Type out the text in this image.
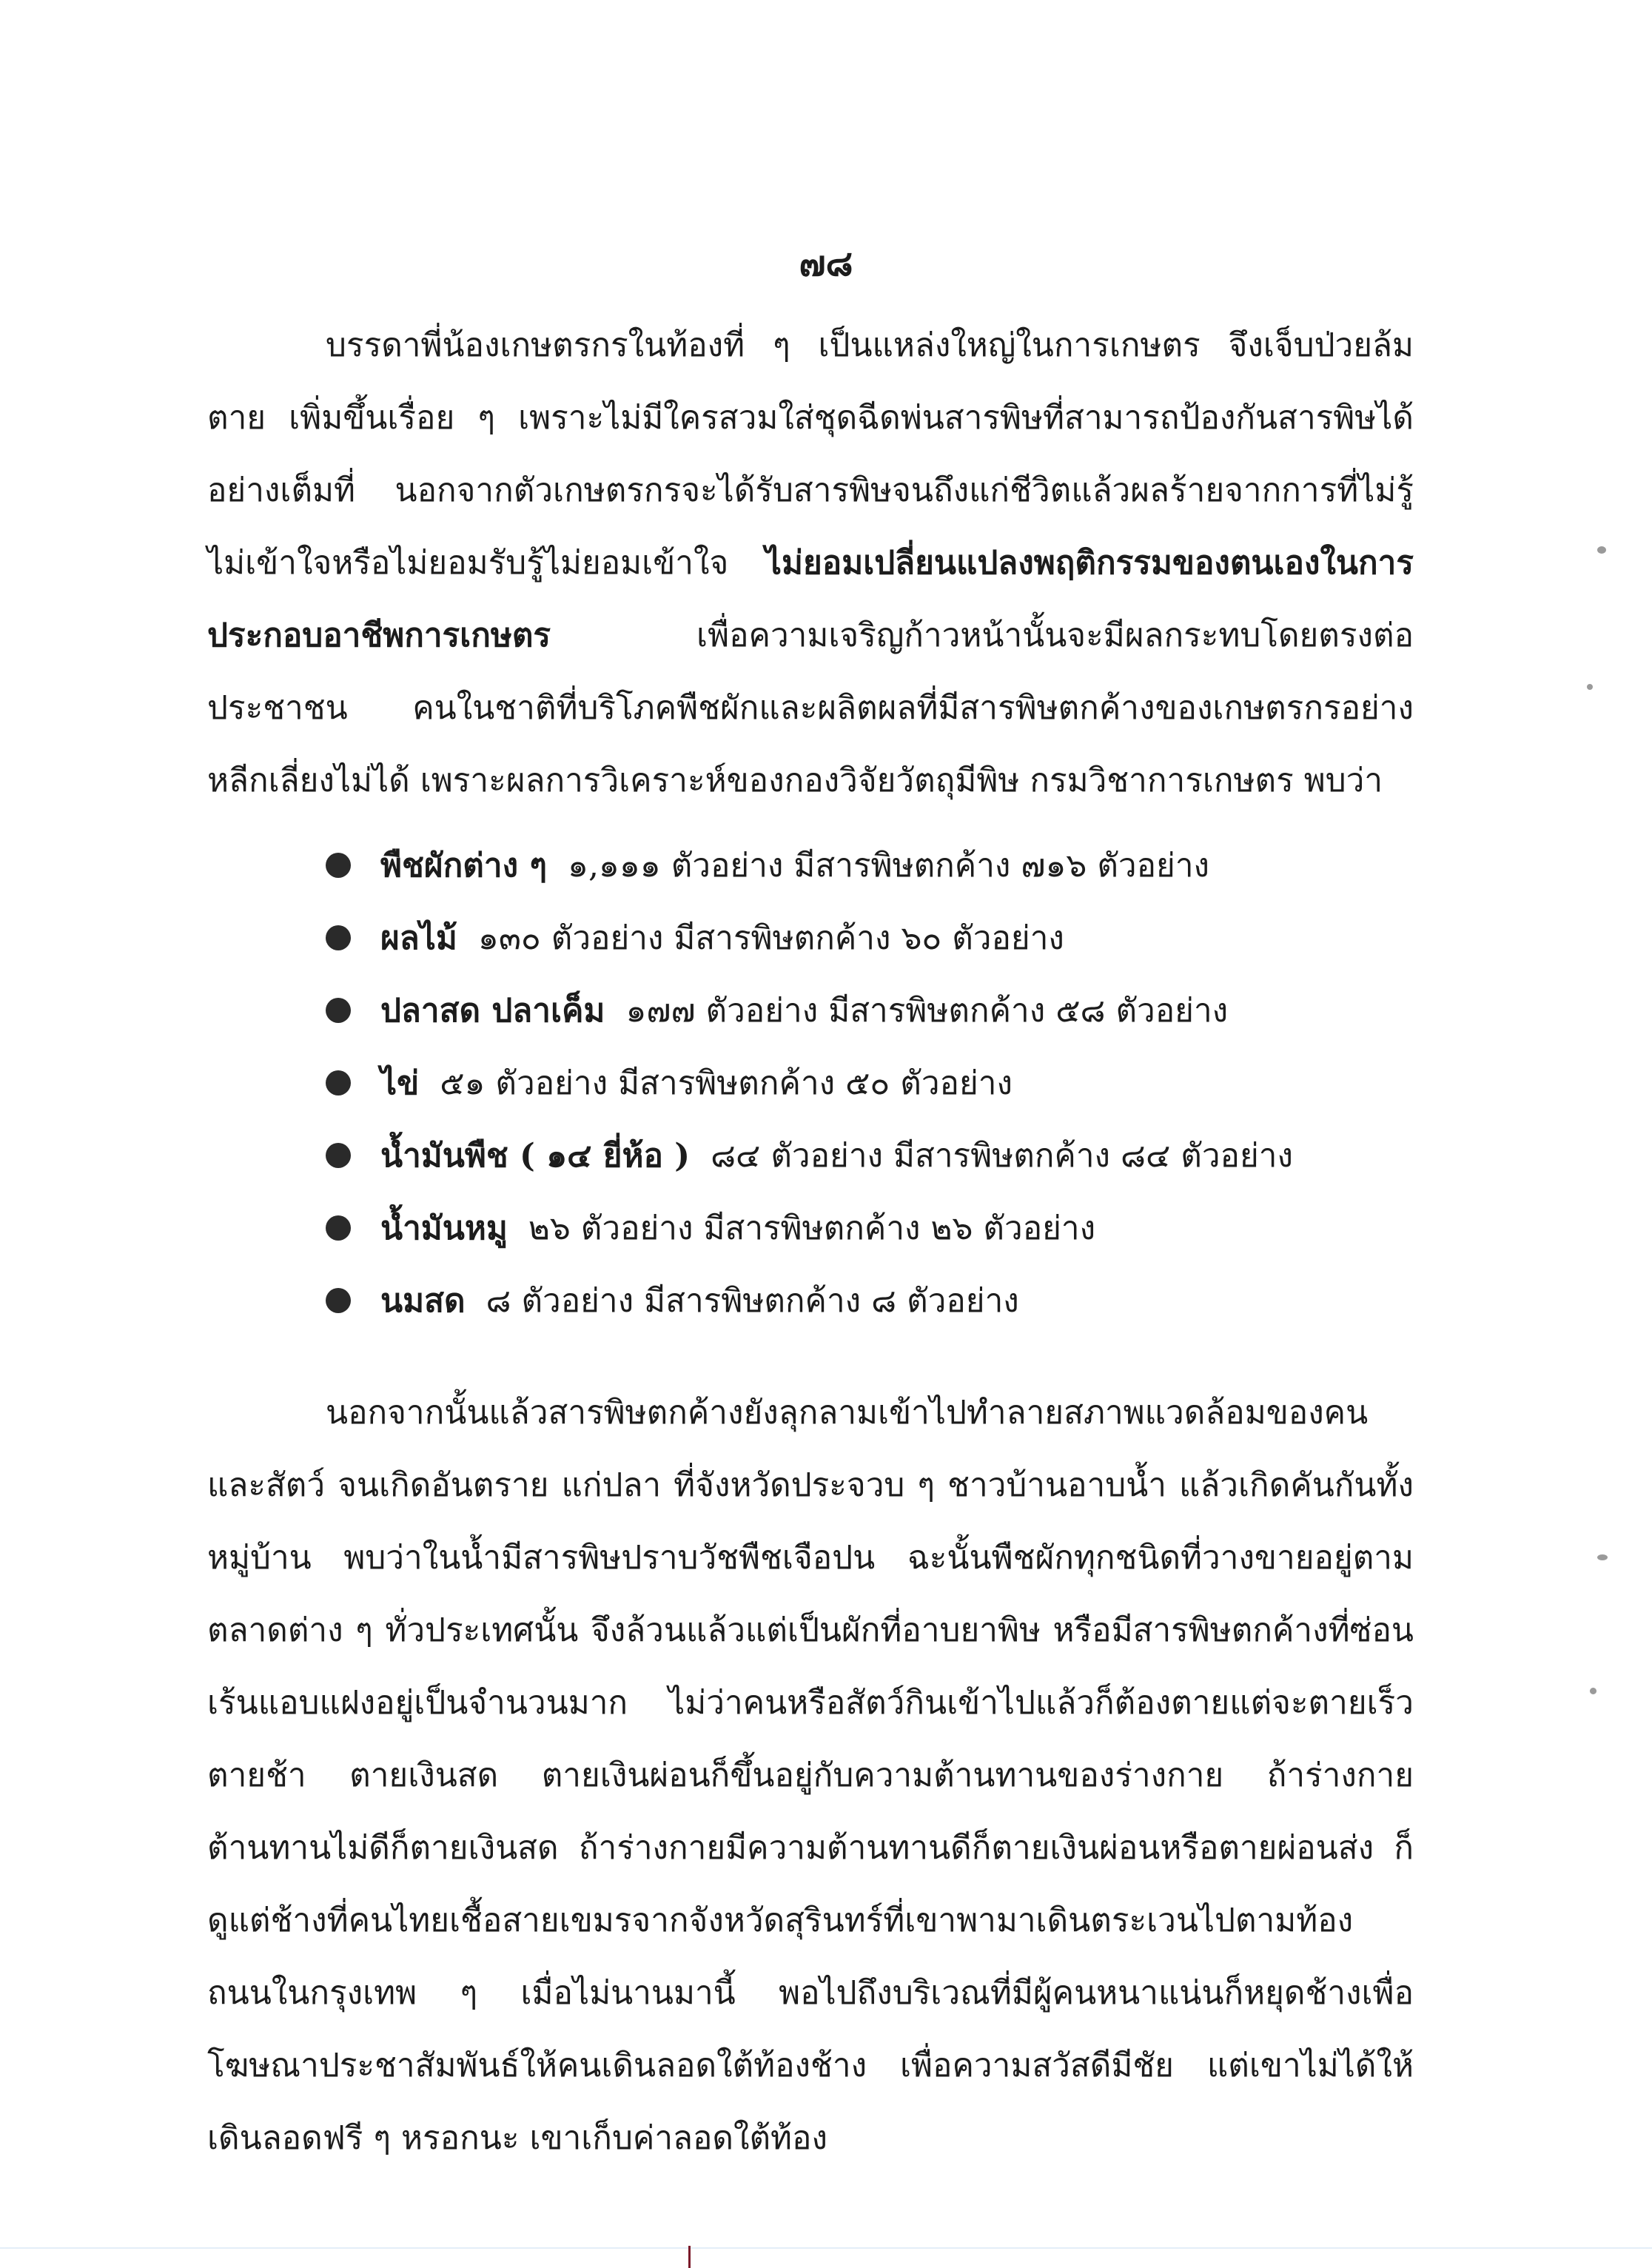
๗๘

บรรดาพี่น้องเกษตรกรในท้องที่ ๆ เป็นแหล่งใหญ่ในการเกษตร จึงเจ็บป่วยล้มตาย เพิ่มขึ้นเรื่อย ๆ เพราะไม่มีใครสวมใส่ชุดฉีดพ่นสารพิษที่สามารถป้องกันสารพิษได้อย่างเต็มที่ นอกจากตัวเกษตรกรจะได้รับสารพิษจนถึงแก่ชีวิตแล้วผลร้ายจากการที่ไม่รู้ไม่เข้าใจหรือไม่ยอมรับรู้ไม่ยอมเข้าใจ ไม่ยอมเปลี่ยนแปลงพฤติกรรมของตนเองในการประกอบอาชีพการเกษตร	เพื่อความเจริญก้าวหน้านั้นจะมีผลกระทบโดยตรงต่อประชาชน คนในชาติที่บริโภคพืชผักและผลิตผลที่มีสารพิษตกค้างของเกษตรกรอย่างหลีกเลี่ยงไม่ได้ เพราะผลการวิเคราะห์ของกองวิจัยวัตถุมีพิษ กรมวิชาการเกษตร พบว่า

พืชผักต่าง ๆ ๑,๑๑๑ ตัวอย่าง มีสารพิษตกค้าง ๗๑๖ ตัวอย่าง
ผลไม้ ๑๓๐ ตัวอย่าง มีสารพิษตกค้าง ๖๐ ตัวอย่าง
ปลาสด ปลาเค็ม ๑๗๗ ตัวอย่าง มีสารพิษตกค้าง ๕๘ ตัวอย่าง
ไข่ ๕๑ ตัวอย่าง มีสารพิษตกค้าง ๕๐ ตัวอย่าง
น้ำมันพืช ( ๑๔ ยี่ห้อ ) ๘๔ ตัวอย่าง มีสารพิษตกค้าง ๘๔ ตัวอย่าง
น้ำมันหมู ๒๖ ตัวอย่าง มีสารพิษตกค้าง ๒๖ ตัวอย่าง
นมสด ๘ ตัวอย่าง มีสารพิษตกค้าง ๘ ตัวอย่าง

นอกจากนั้นแล้วสารพิษตกค้างยังลุกลามเข้าไปทำลายสภาพแวดล้อมของคนและสัตว์ จนเกิดอันตราย แก่ปลา ที่จังหวัดประจวบ ๆ ชาวบ้านอาบน้ำ แล้วเกิดคันกันทั้งหมู่บ้าน พบว่าในน้ำมีสารพิษปราบวัชพืชเจือปน ฉะนั้นพืชผักทุกชนิดที่วางขายอยู่ตามตลาดต่าง ๆ ทั่วประเทศนั้น จึงล้วนแล้วแต่เป็นผักที่อาบยาพิษ หรือมีสารพิษตกค้างที่ซ่อนเร้นแอบแฝงอยู่เป็นจำนวนมาก ไม่ว่าคนหรือสัตว์กินเข้าไปแล้วก็ต้องตายแต่จะตายเร็วตายช้า ตายเงินสด ตายเงินผ่อนก็ขึ้นอยู่กับความต้านทานของร่างกาย ถ้าร่างกายต้านทานไม่ดีก็ตายเงินสด ถ้าร่างกายมีความต้านทานดีก็ตายเงินผ่อนหรือตายผ่อนส่ง ก็ดูแต่ช้างที่คนไทยเชื้อสายเขมรจากจังหวัดสุรินทร์ที่เขาพามาเดินตระเวนไปตามท้องถนนในกรุงเทพ ๆ เมื่อไม่นานมานี้ พอไปถึงบริเวณที่มีผู้คนหนาแน่นก็หยุดช้างเพื่อโฆษณาประชาสัมพันธ์ให้คนเดินลอดใต้ท้องช้าง เพื่อความสวัสดีมีชัย แต่เขาไม่ได้ให้เดินลอดฟรี ๆ หรอกนะ เขาเก็บค่าลอดใต้ท้อง
